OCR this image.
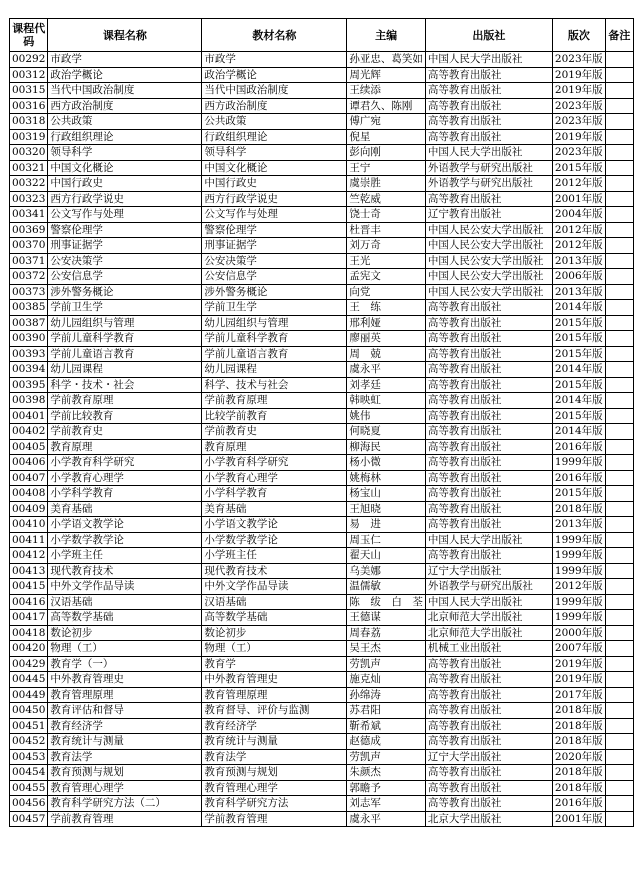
课程代码	课程名称	教材名称	主编	出版社	版次	备注
00292	市政学	市政学	孙亚忠、葛笑如	中国人民大学出版社	2023年版	
00312	政治学概论	政治学概论	周光辉	高等教育出版社	2019年版	
00315	当代中国政治制度	当代中国政治制度	王续添	高等教育出版社	2019年版	
00316	西方政治制度	西方政治制度	谭君久、陈刚	高等教育出版社	2023年版	
00318	公共政策	公共政策	傅广宛	高等教育出版社	2023年版	
00319	行政组织理论	行政组织理论	倪星	高等教育出版社	2019年版	
00320	领导科学	领导科学	彭向刚	中国人民大学出版社	2023年版	
00321	中国文化概论	中国文化概论	王宁	外语教学与研究出版社	2015年版	
00322	中国行政史	中国行政史	虞崇胜	外语教学与研究出版社	2012年版	
00323	西方行政学说史	西方行政学说史	竺乾威	高等教育出版社	2001年版	
00341	公文写作与处理	公文写作与处理	饶士奇	辽宁教育出版社	2004年版	
00369	警察伦理学	警察伦理学	杜晋丰	中国人民公安大学出版社	2012年版	
00370	刑事证据学	刑事证据学	刘万奇	中国人民公安大学出版社	2012年版	
00371	公安决策学	公安决策学	王光	中国人民公安大学出版社	2013年版	
00372	公安信息学	公安信息学	孟宪文	中国人民公安大学出版社	2006年版	
00373	涉外警务概论	涉外警务概论	向党	中国人民公安大学出版社	2013年版	
00385	学前卫生学	学前卫生学	王　练	高等教育出版社	2014年版	
00387	幼儿园组织与管理	幼儿园组织与管理	邢利娅	高等教育出版社	2015年版	
00390	学前儿童科学教育	学前儿童科学教育	廖丽英	高等教育出版社	2015年版	
00393	学前儿童语言教育	学前儿童语言教育	周　兢	高等教育出版社	2015年版	
00394	幼儿园课程	幼儿园课程	虞永平	高等教育出版社	2014年版	
00395	科学・技术・社会	科学、技术与社会	刘孝廷	高等教育出版社	2015年版	
00398	学前教育原理	学前教育原理	韩映虹	高等教育出版社	2014年版	
00401	学前比较教育	比较学前教育	姚伟	高等教育出版社	2015年版	
00402	学前教育史	学前教育史	何晓夏	高等教育出版社	2014年版	
00405	教育原理	教育原理	柳海民	高等教育出版社	2016年版	
00406	小学教育科学研究	小学教育科学研究	杨小微	高等教育出版社	1999年版	
00407	小学教育心理学	小学教育心理学	姚梅林	高等教育出版社	2016年版	
00408	小学科学教育	小学科学教育	杨宝山	高等教育出版社	2015年版	
00409	美育基础	美育基础	王旭晓	高等教育出版社	2018年版	
00410	小学语文教学论	小学语文教学论	易　进	高等教育出版社	2013年版	
00411	小学数学教学论	小学数学教学论	周玉仁	中国人民大学出版社	1999年版	
00412	小学班主任	小学班主任	翟天山	高等教育出版社	1999年版	
00413	现代教育技术	现代教育技术	乌美娜	辽宁大学出版社	1999年版	
00415	中外文学作品导读	中外文学作品导读	温儒敏	外语教学与研究出版社	2012年版	
00416	汉语基础	汉语基础	陈　绂　白　荃	中国人民大学出版社	1999年版	
00417	高等数学基础	高等数学基础	王德谋	北京师范大学出版社	1999年版	
00418	数论初步	数论初步	周春荔	北京师范大学出版社	2000年版	
00420	物理（工）	物理（工）	吴王杰	机械工业出版社	2007年版	
00429	教育学（一）	教育学	劳凯声	高等教育出版社	2019年版	
00445	中外教育管理史	中外教育管理史	施克灿	高等教育出版社	2019年版	
00449	教育管理原理	教育管理原理	孙绵涛	高等教育出版社	2017年版	
00450	教育评估和督导	教育督导、评价与监测	苏君阳	高等教育出版社	2018年版	
00451	教育经济学	教育经济学	靳希斌	高等教育出版社	2018年版	
00452	教育统计与测量	教育统计与测量	赵德成	高等教育出版社	2018年版	
00453	教育法学	教育法学	劳凯声	辽宁大学出版社	2020年版	
00454	教育预测与规划	教育预测与规划	朱颜杰	高等教育出版社	2018年版	
00455	教育管理心理学	教育管理心理学	郭瞻予	高等教育出版社	2018年版	
00456	教育科学研究方法（二）	教育科学研究方法	刘志军	高等教育出版社	2016年版	
00457	学前教育管理	学前教育管理	虞永平	北京大学出版社	2001年版	
